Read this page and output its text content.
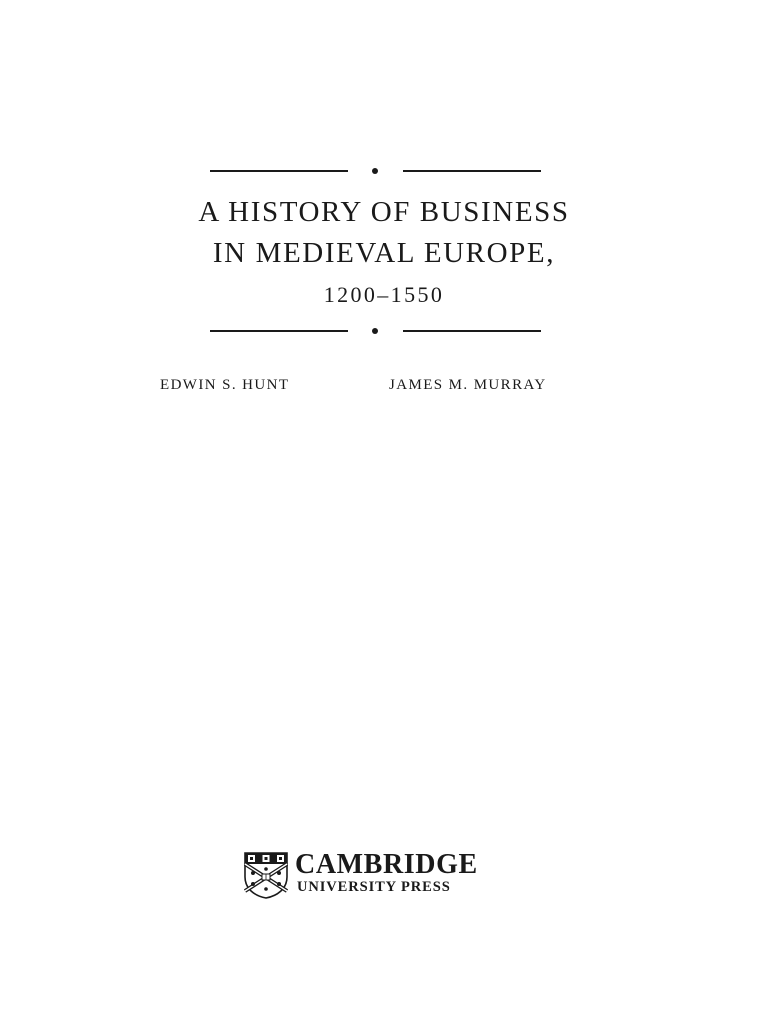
A HISTORY OF BUSINESS
IN MEDIEVAL EUROPE,
1200–1550
EDWIN S. HUNT	JAMES M. MURRAY
CAMBRIDGE
UNIVERSITY PRESS
